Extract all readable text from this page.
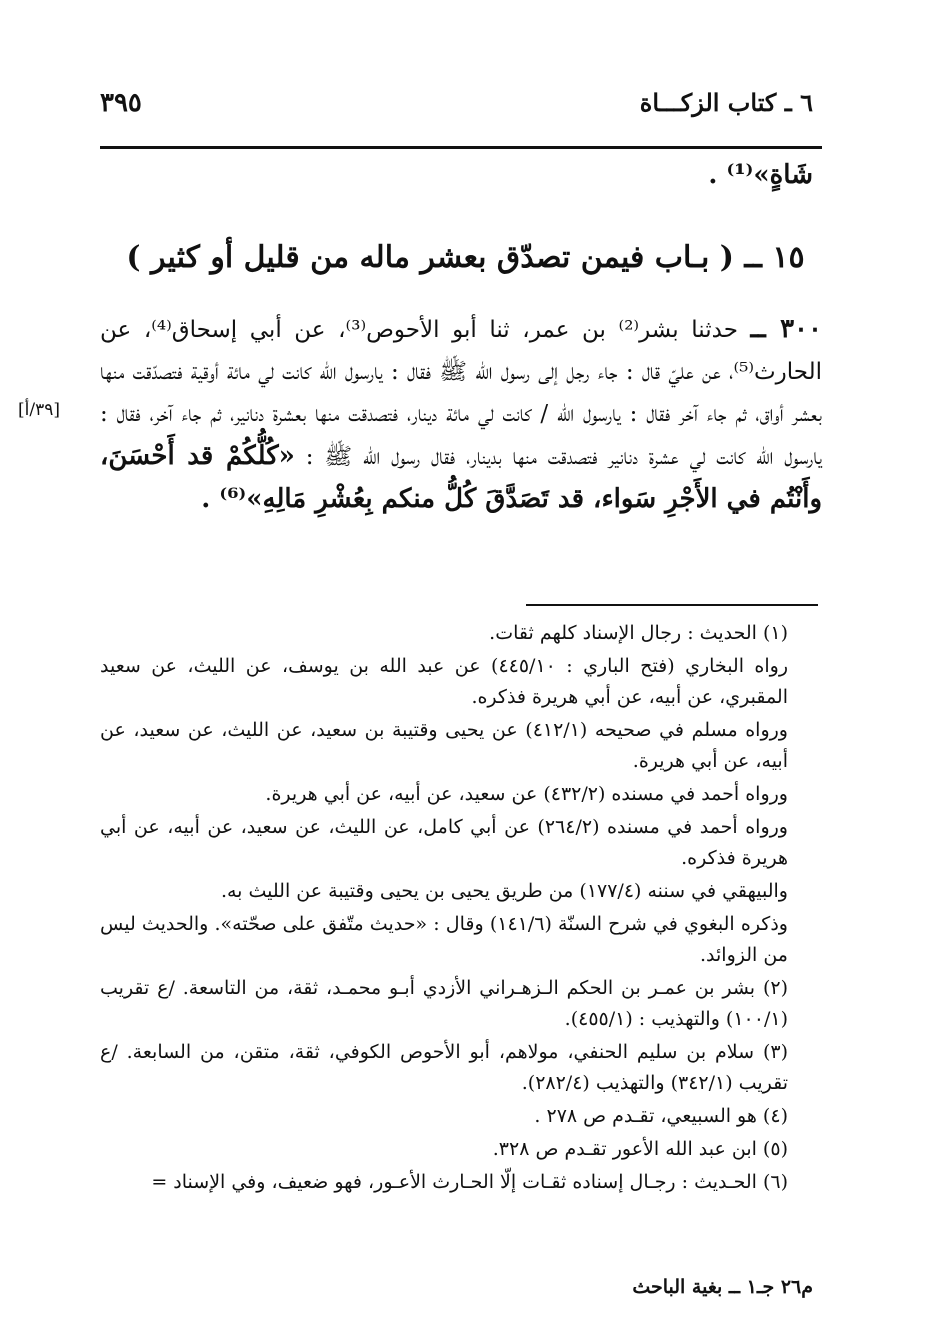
٦ ـ كتاب الزكـــاة
٣٩٥
شَاةٍ»⁽¹⁾ .
١٥ ــ ( بـاب فيمن تصدّق بعشر ماله من قليل أو كثير )
[٣٩/أ]

٣٠٠ ــ حدثنا بشر⁽²⁾ بن عمر، ثنا أبو الأحوص⁽³⁾، عن أبي إسحاق⁽⁴⁾، عن الحارث⁽⁵⁾، عن عليّ قال : جاء رجل إلى رسول الله ﷺ فقال : يارسول الله كانت لي مائة أوقية فتصدّقت منها بعشر أواق، ثم جاء آخر فقال : يارسول الله / كانت لي مائة دينار، فتصدقت منها بعشرة دنانير، ثم جاء آخر، فقال : يارسول الله كانت لي عشرة دنانير فتصدقت منها بدينار، فقال رسول الله ﷺ : «كُلُّكُمْ قد أَحْسَنَ، وأَنْتُم في الأَجْرِ سَواء، قد تَصَدَّقَ كُلُّ منكم بِعُشْرِ مَالِهِ»⁽⁶⁾ .

(١) الحديث : رجال الإسناد كلهم ثقات.

رواه البخاري (فتح الباري : ٤٤٥/١٠) عن عبد الله بن يوسف، عن الليث، عن سعيد المقبري، عن أبيه، عن أبي هريرة فذكره.

ورواه مسلم في صحيحه (٤١٢/١) عن يحيى وقتيبة بن سعيد، عن الليث، عن سعيد، عن أبيه، عن أبي هريرة.

ورواه أحمد في مسنده (٤٣٢/٢) عن سعيد، عن أبيه، عن أبي هريرة.

ورواه أحمد في مسنده (٢٦٤/٢) عن أبي كامل، عن الليث، عن سعيد، عن أبيه، عن أبي هريرة فذكره.

والبيهقي في سننه (١٧٧/٤) من طريق يحيى بن يحيى وقتيبة عن الليث به.

وذكره البغوي في شرح السنّة (١٤١/٦) وقال : «حديث متّفق على صحّته». والحديث ليس من الزوائد.

(٢) بشر بن عمـر بن الحكم الـزهـراني الأزدي أبـو محمـد، ثقة، من التاسعة. /ع تقريب (١٠٠/١) والتهذيب : (٤٥٥/١).

(٣) سلام بن سليم الحنفي، مولاهم، أبو الأحوص الكوفي، ثقة، متقن، من السابعة. /ع تقريب (٣٤٢/١) والتهذيب (٢٨٢/٤).

(٤) هو السبيعي، تقـدم ص ٢٧٨ .

(٥) ابن عبد الله الأعور تقـدم ص ٣٢٨.

(٦) الحـديث : رجـال إسناده ثقـات إلّا الحـارث الأعـور، فهو ضعيف، وفي الإسناد =

م٢٦ جـ١ ــ بغية الباحث
